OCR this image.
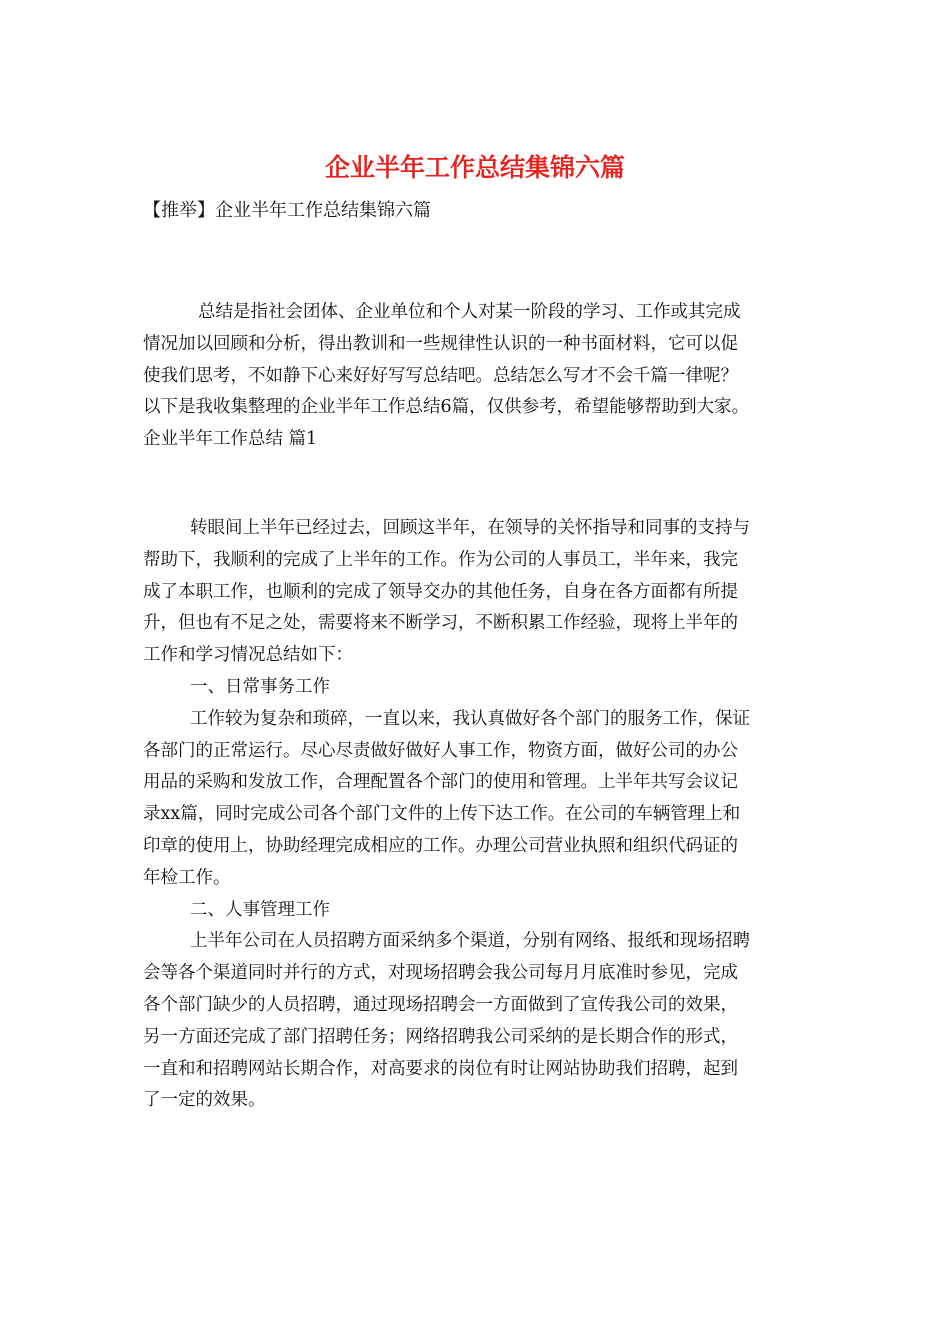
企业半年工作总结集锦六篇

【推举】企业半年工作总结集锦六篇

总结是指社会团体、企业单位和个人对某一阶段的学习、工作或其完成
情况加以回顾和分析，得出教训和一些规律性认识的一种书面材料，它可以促
使我们思考，不如静下心来好好写写总结吧。总结怎么写才不会千篇一律呢？
以下是我收集整理的企业半年工作总结6篇，仅供参考，希望能够帮助到大家。
企业半年工作总结 篇1
转眼间上半年已经过去，回顾这半年，在领导的关怀指导和同事的支持与
帮助下，我顺利的完成了上半年的工作。作为公司的人事员工，半年来，我完
成了本职工作，也顺利的完成了领导交办的其他任务，自身在各方面都有所提
升，但也有不足之处，需要将来不断学习，不断积累工作经验，现将上半年的
工作和学习情况总结如下：
一、日常事务工作
工作较为复杂和琐碎，一直以来，我认真做好各个部门的服务工作，保证
各部门的正常运行。尽心尽责做好做好人事工作，物资方面，做好公司的办公
用品的采购和发放工作，合理配置各个部门的使用和管理。上半年共写会议记
录xx篇，同时完成公司各个部门文件的上传下达工作。在公司的车辆管理上和
印章的使用上，协助经理完成相应的工作。办理公司营业执照和组织代码证的
年检工作。
二、人事管理工作
上半年公司在人员招聘方面采纳多个渠道，分别有网络、报纸和现场招聘
会等各个渠道同时并行的方式，对现场招聘会我公司每月月底准时参见，完成
各个部门缺少的人员招聘，通过现场招聘会一方面做到了宣传我公司的效果，
另一方面还完成了部门招聘任务；网络招聘我公司采纳的是长期合作的形式，
一直和和招聘网站长期合作，对高要求的岗位有时让网站协助我们招聘，起到
了一定的效果。
